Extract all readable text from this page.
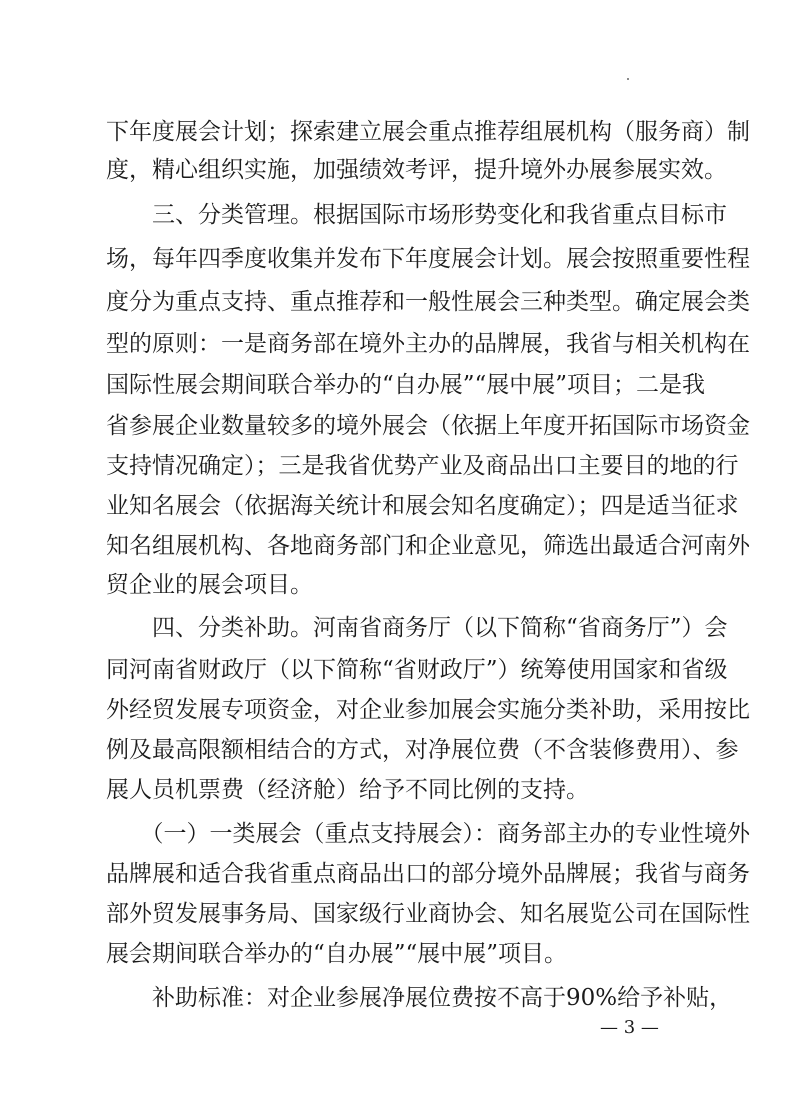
下年度展会计划；探索建立展会重点推荐组展机构（服务商）制
度，精心组织实施，加强绩效考评，提升境外办展参展实效。
　　三、分类管理。根据国际市场形势变化和我省重点目标市
场，每年四季度收集并发布下年度展会计划。展会按照重要性程
度分为重点支持、重点推荐和一般性展会三种类型。确定展会类
型的原则：一是商务部在境外主办的品牌展，我省与相关机构在
国际性展会期间联合举办的“自办展”“展中展”项目；二是我
省参展企业数量较多的境外展会（依据上年度开拓国际市场资金
支持情况确定）；三是我省优势产业及商品出口主要目的地的行
业知名展会（依据海关统计和展会知名度确定）；四是适当征求
知名组展机构、各地商务部门和企业意见，筛选出最适合河南外
贸企业的展会项目。
　　四、分类补助。河南省商务厅（以下简称“省商务厅”）会
同河南省财政厅（以下简称“省财政厅”）统筹使用国家和省级
外经贸发展专项资金，对企业参加展会实施分类补助，采用按比
例及最高限额相结合的方式，对净展位费（不含装修费用）、参
展人员机票费（经济舱）给予不同比例的支持。
　　（一）一类展会（重点支持展会）：商务部主办的专业性境外
品牌展和适合我省重点商品出口的部分境外品牌展；我省与商务
部外贸发展事务局、国家级行业商协会、知名展览公司在国际性
展会期间联合举办的“自办展”“展中展”项目。
　　补助标准：对企业参展净展位费按不高于90%给予补贴，
— 3 —
